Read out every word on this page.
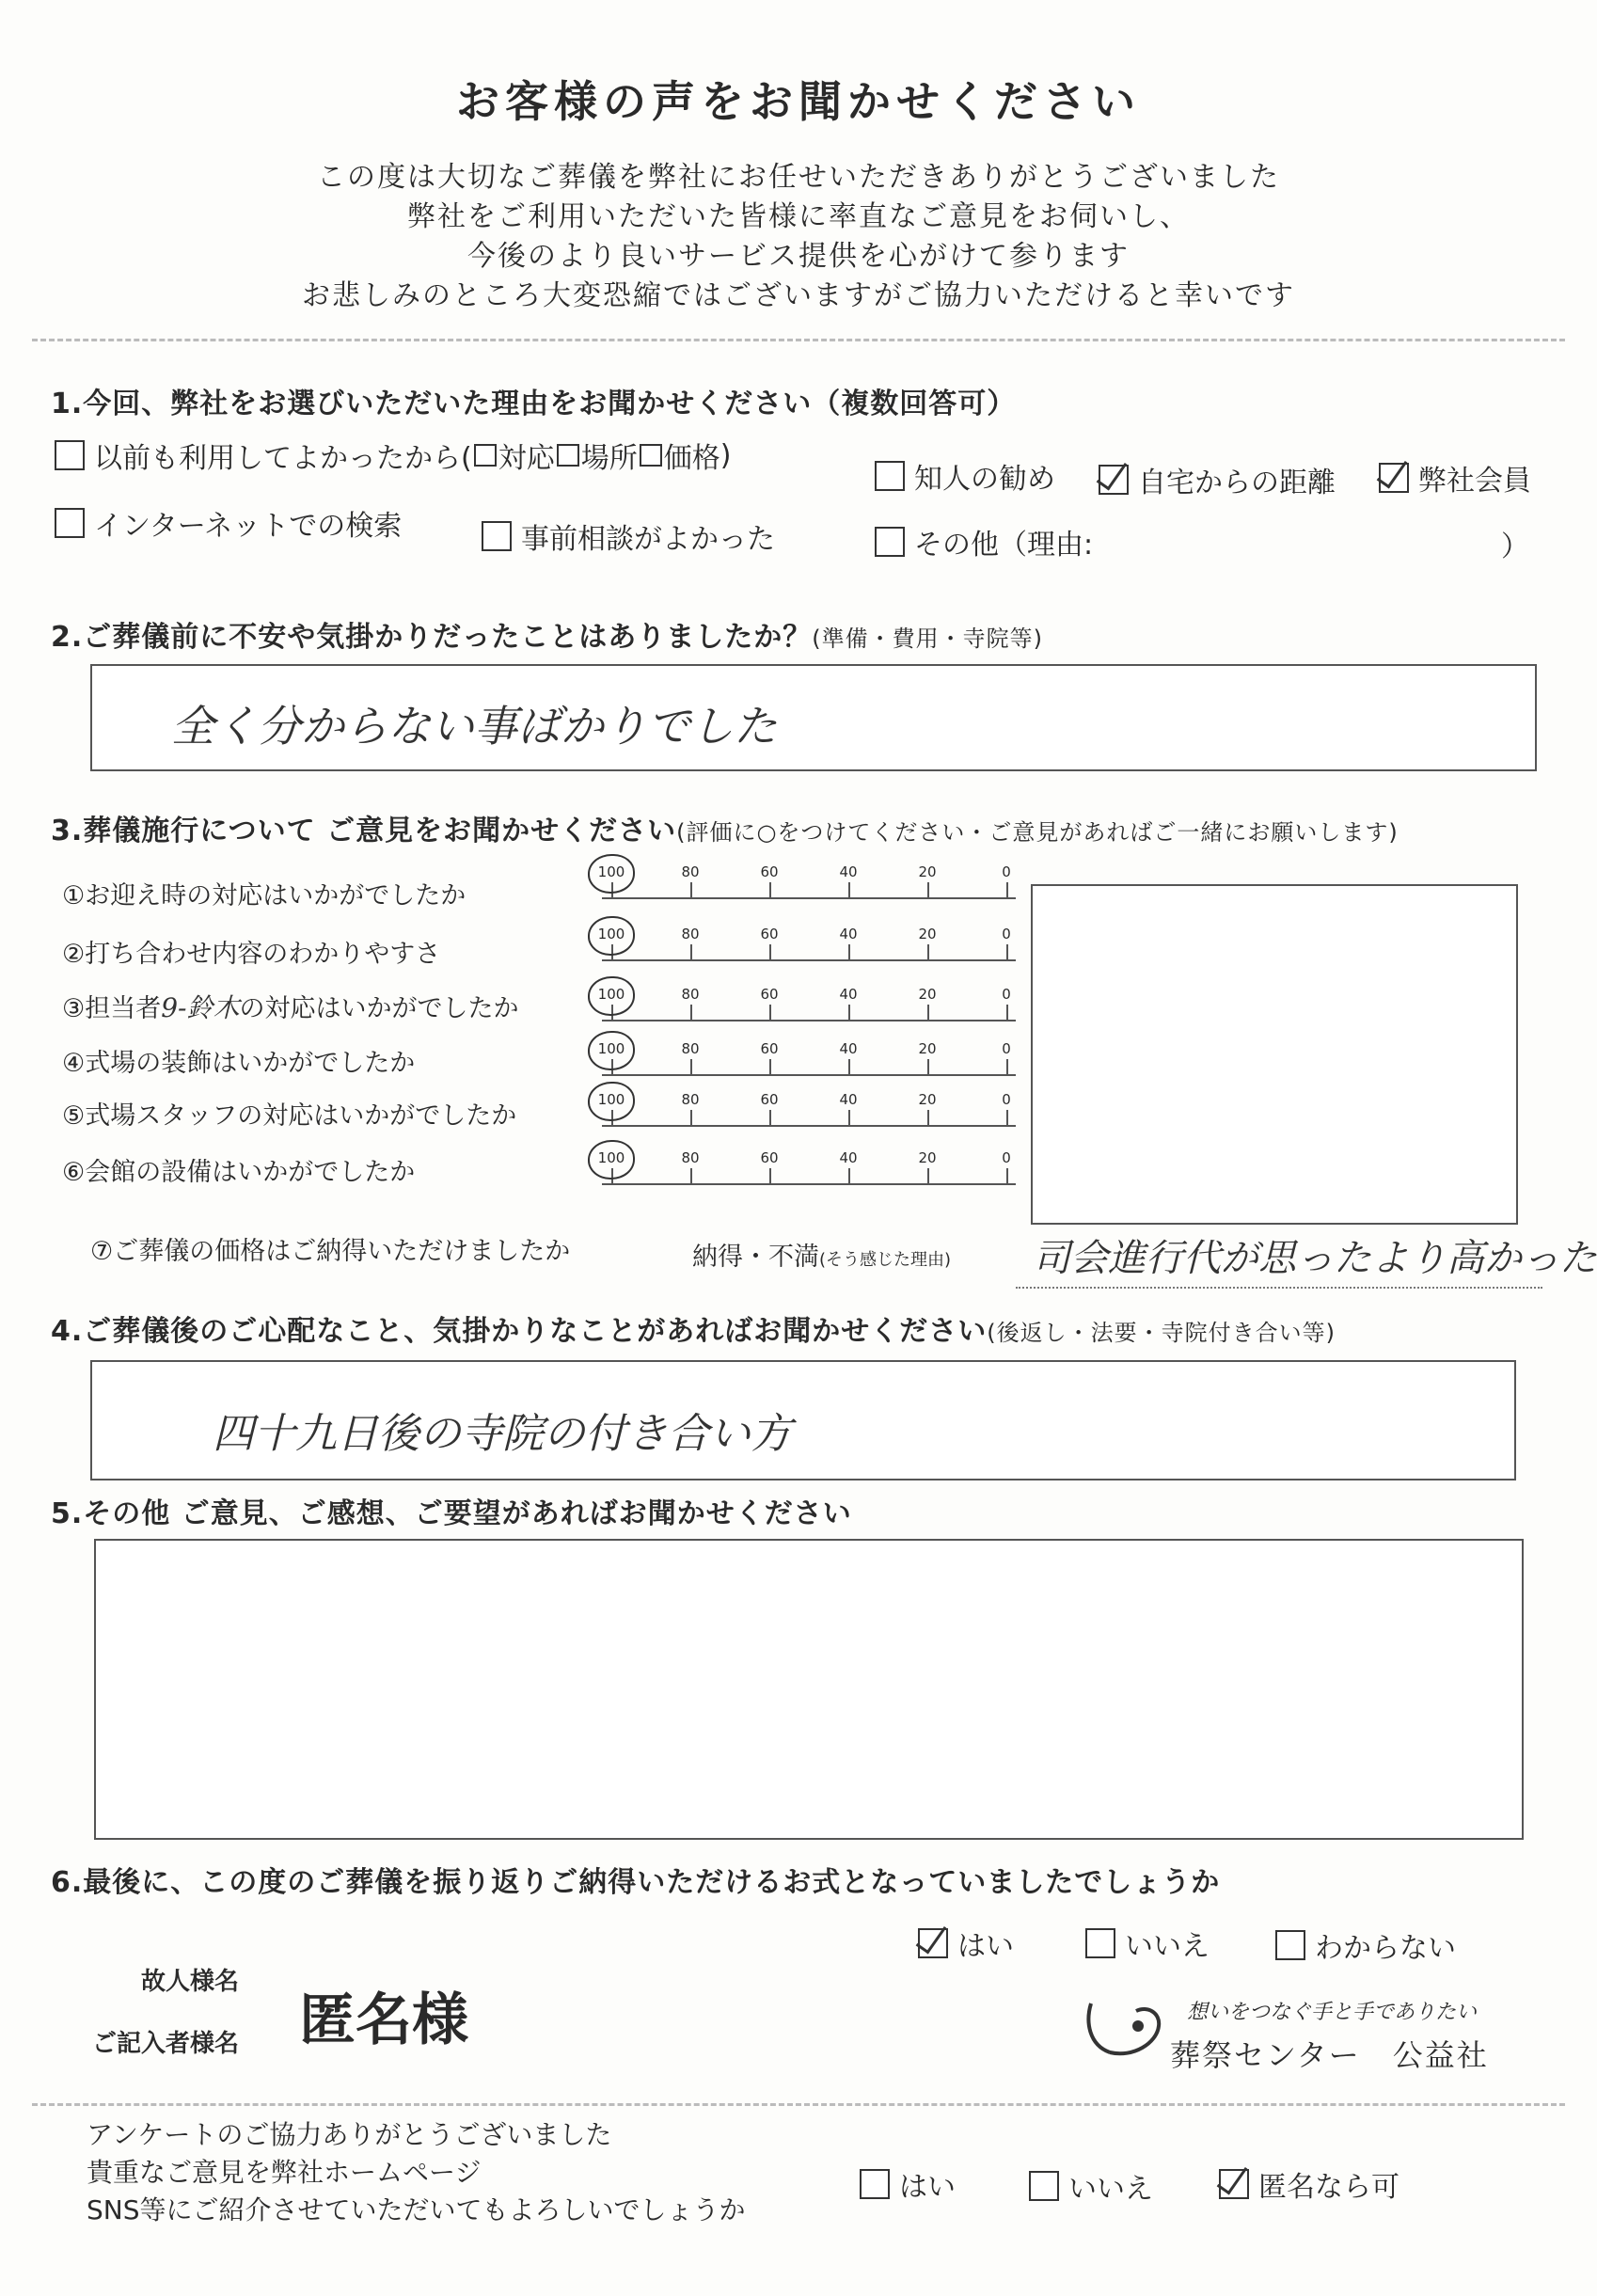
お客様の声をお聞かせください
この度は大切なご葬儀を弊社にお任せいただきありがとうございました
弊社をご利用いただいた皆様に率直なご意見をお伺いし、
今後のより良いサービス提供を心がけて参ります
お悲しみのところ大変恐縮ではございますがご協力いただけると幸いです
1.今回、弊社をお選びいただいた理由をお聞かせください（複数回答可）
以前も利用してよかったから( 対応 場所 価格 )
知人の勧め	自宅からの距離	弊社会員
インターネットでの検索	事前相談がよかった	その他（理由:	）
2.ご葬儀前に不安や気掛かりだったことはありましたか？(準備・費用・寺院等)
全く分からない事ばかりでした
3.葬儀施行について ご意見をお聞かせください(評価に○をつけてください・ご意見があればご一緒にお願いします)
①お迎え時の対応はいかがでしたか
100	80	60	40	20	0
②打ち合わせ内容のわかりやすさ
100	80	60	40	20	0
③担当者9-鈴木の対応はいかがでしたか	100	80	60	40	20	0
④式場の装飾はいかがでしたか	100	80	60	40	20	0
⑤式場スタッフの対応はいかがでしたか
100	80	60	40	20	0
⑥会館の設備はいかがでしたか	100	80	60	40	20	0
⑦ご葬儀の価格はご納得いただけましたか	納得・不満(そう感じた理由) 司会進行代が思ったより高かった
4.ご葬儀後のご心配なこと、気掛かりなことがあればお聞かせください(後返し・法要・寺院付き合い等)
四十九日後の寺院の付き合い方
5.その他 ご意見、ご感想、ご要望があればお聞かせください
6.最後に、この度のご葬儀を振り返りご納得いただけるお式となっていましたでしょうか
はい	いいえ	わからない
故人様名
ご記入者様名 匿名様	想いをつなぐ手と手でありたい
葬祭センター　公益社
アンケートのご協力ありがとうございました
貴重なご意見を弊社ホームページ
SNS等にご紹介させていただいてもよろしいでしょうか
はい	いいえ	匿名なら可
